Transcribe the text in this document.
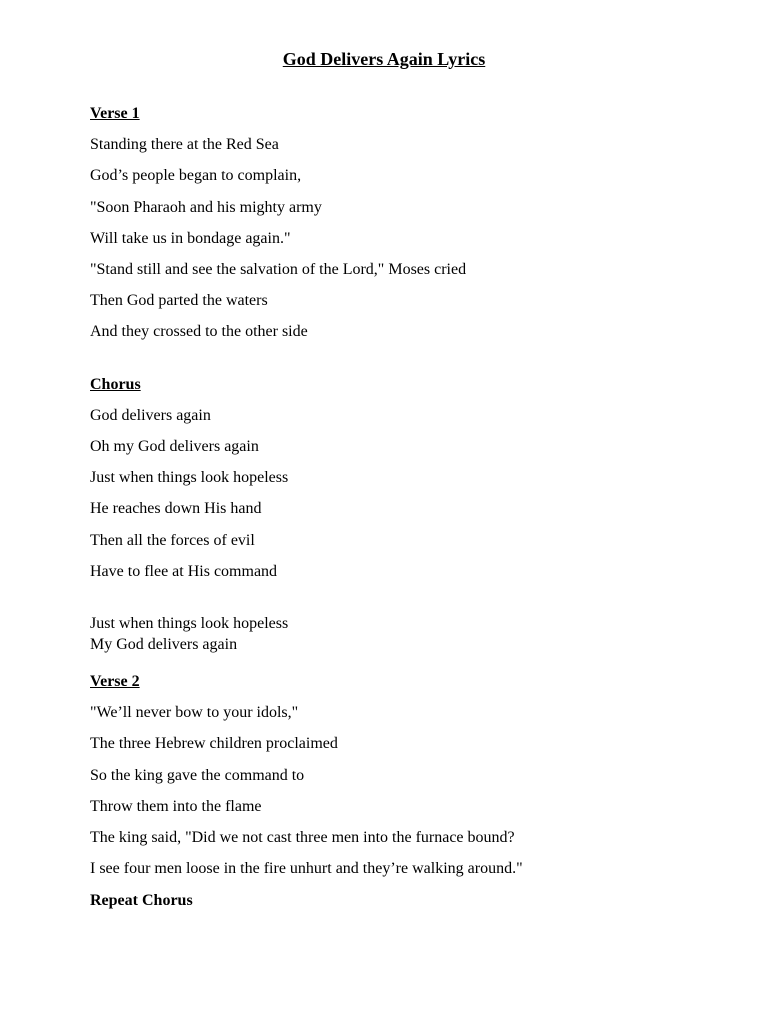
God Delivers Again Lyrics
Verse 1
Standing there at the Red Sea
God’s people began to complain,
"Soon Pharaoh and his mighty army
Will take us in bondage again."
"Stand still and see the salvation of the Lord," Moses cried
Then God parted the waters
And they crossed to the other side
Chorus
God delivers again
Oh my God delivers again
Just when things look hopeless
He reaches down His hand
Then all the forces of evil
Have to flee at His command
Just when things look hopeless
My God delivers again
Verse 2
"We’ll never bow to your idols,"
The three Hebrew children proclaimed
So the king gave the command to
Throw them into the flame
The king said, "Did we not cast three men into the furnace bound?
I see four men loose in the fire unhurt and they’re walking around."
Repeat Chorus
